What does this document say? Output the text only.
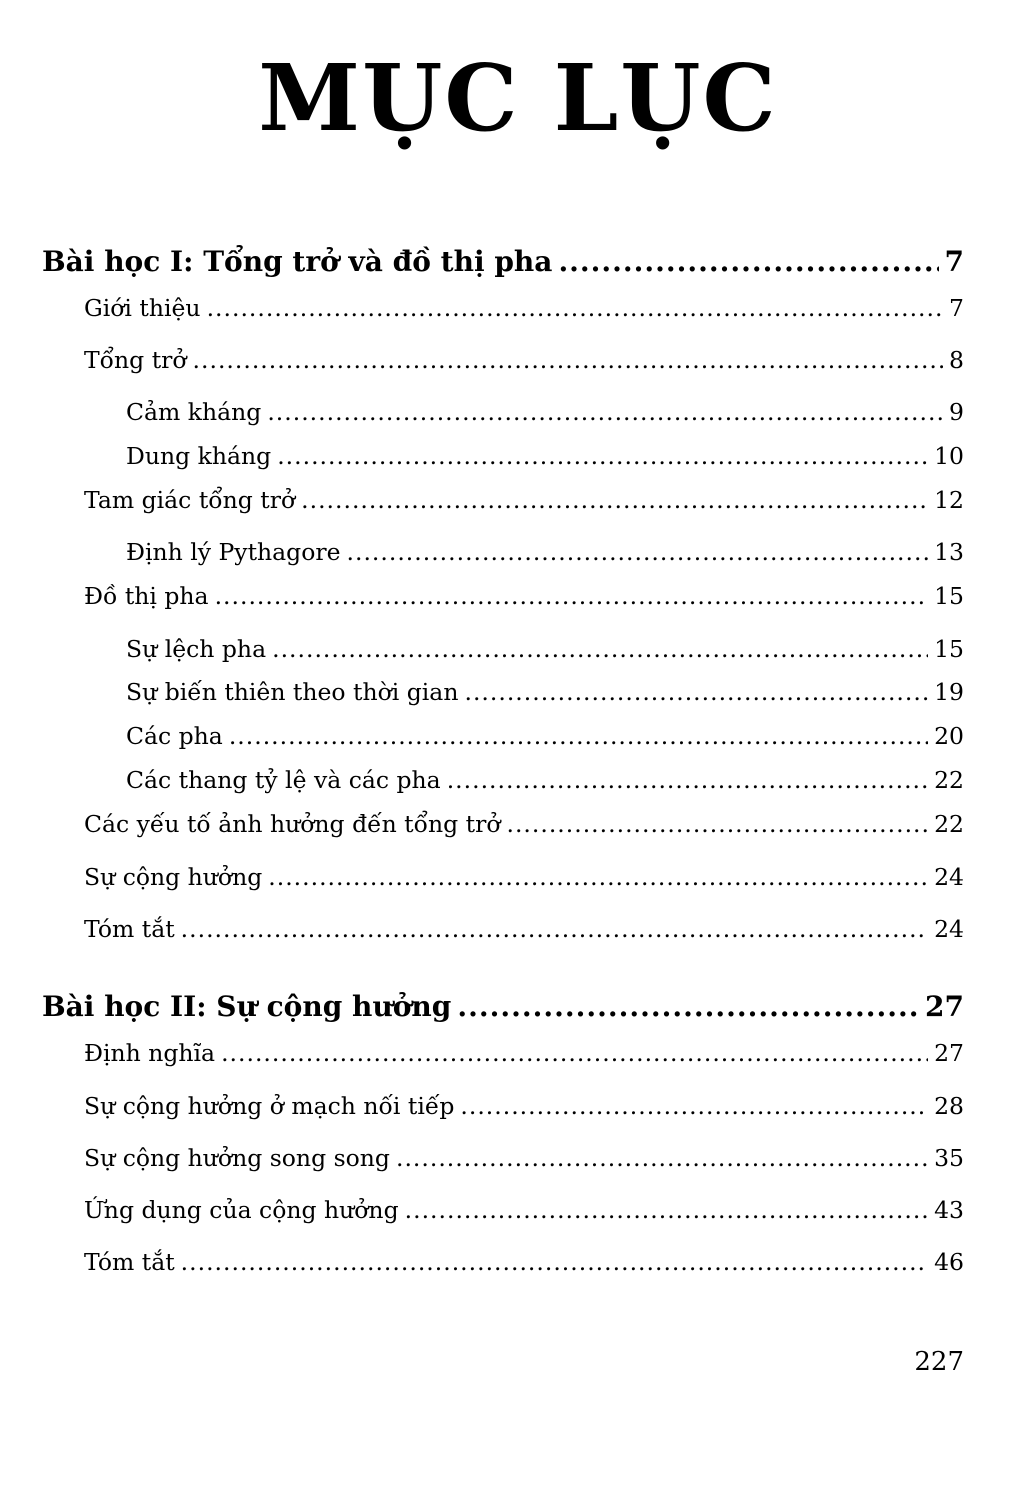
MỤC LỤC
Bài học I: Tổng trở và đồ thị pha .....	7
Giới thiệu .....	7
Tổng trở .....	8
Cảm kháng .....	9
Dung kháng .....	10
Tam giác tổng trở .....	12
Định lý Pythagore .....	13
Đồ thị pha .....	15
Sự lệch pha .....	15
Sự biến thiên theo thời gian .....	19
Các pha .....	20
Các thang tỷ lệ và các pha .....	22
Các yếu tố ảnh hưởng đến tổng trở .....	22
Sự cộng hưởng .....	24
Tóm tắt .....	24
Bài học II: Sự cộng hưởng .....	27
Định nghĩa .....	27
Sự cộng hưởng ở mạch nối tiếp .....	28
Sự cộng hưởng song song .....	35
Ứng dụng của cộng hưởng .....	43
Tóm tắt .....	46
227
